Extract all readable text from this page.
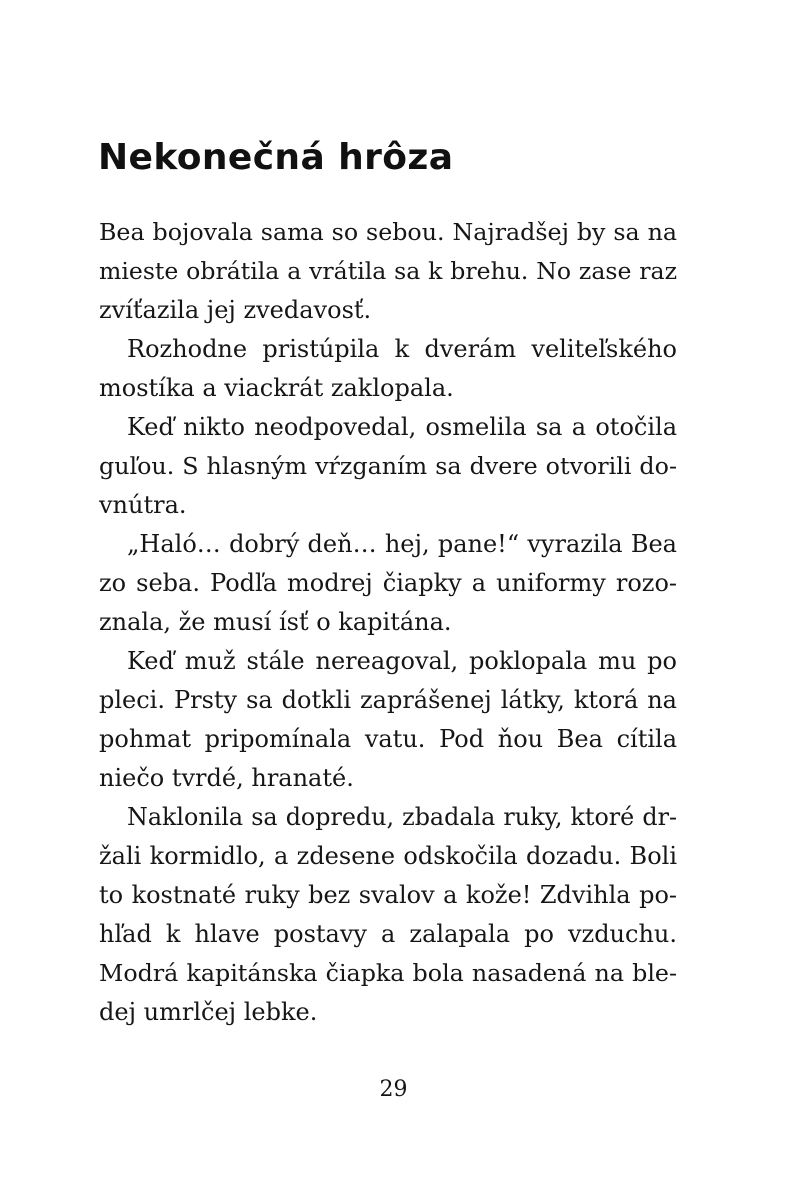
Nekonečná hrôza
Bea bojovala sama so sebou. Najradšej by sa na
mieste obrátila a vrátila sa k brehu. No zase raz
zvíťazila jej zvedavosť.
Rozhodne pristúpila k dverám veliteľského
mostíka a viackrát zaklopala.
Keď nikto neodpovedal, osmelila sa a otočila
guľou. S hlasným vŕzganím sa dvere otvorili do-
vnútra.
„Haló… dobrý deň… hej, pane!“ vyrazila Bea
zo seba. Podľa modrej čiapky a uniformy rozo-
znala, že musí ísť o kapitána.
Keď muž stále nereagoval, poklopala mu po
pleci. Prsty sa dotkli zaprášenej látky, ktorá na
pohmat pripomínala vatu. Pod ňou Bea cítila
niečo tvrdé, hranaté.
Naklonila sa dopredu, zbadala ruky, ktoré dr-
žali kormidlo, a zdesene odskočila dozadu. Boli
to kostnaté ruky bez svalov a kože! Zdvihla po-
hľad k hlave postavy a zalapala po vzduchu.
Modrá kapitánska čiapka bola nasadená na ble-
dej umrlčej lebke.
29
